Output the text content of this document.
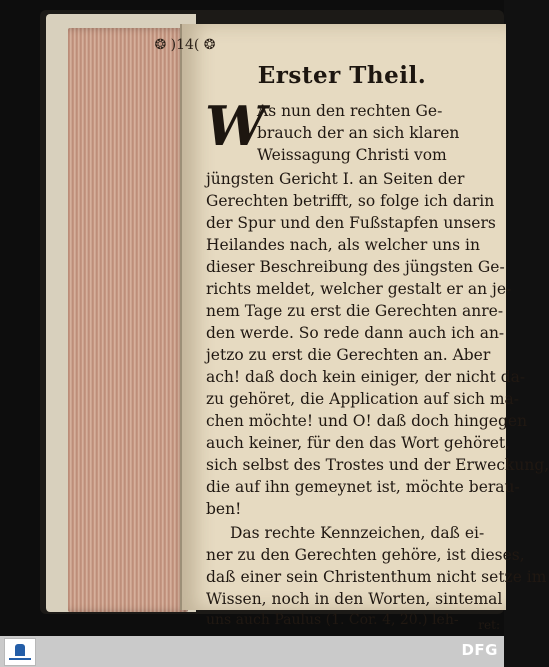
❂ )14( ❂
Erster Theil.
W
As nun den rechten Ge-
brauch der an sich klaren
Weissagung Christi vom
jüngsten Gericht I. an Seiten der
Gerechten betrifft, so folge ich darin
der Spur und den Fußstapfen unsers
Heilandes nach, als welcher uns in
dieser Beschreibung des jüngsten Ge-
richts meldet, welcher gestalt er an je-
nem Tage zu erst die Gerechten anre-
den werde. So rede dann auch ich an-
jetzo zu erst die Gerechten an. Aber
ach! daß doch kein einiger, der nicht da-
zu gehöret, die Application auf sich ma-
chen möchte! und O! daß doch hingegen
auch keiner, für den das Wort gehöret,
sich selbst des Trostes und der Erweckung,
die auf ihn gemeynet ist, möchte berau-
ben!
Das rechte Kennzeichen, daß ei-
ner zu den Gerechten gehöre, ist dieses,
daß einer sein Christenthum nicht setze im
Wissen, noch in den Worten, sintemal
uns auch Paulus (1. Cor. 4, 20.) leh-	ret:
DFG
